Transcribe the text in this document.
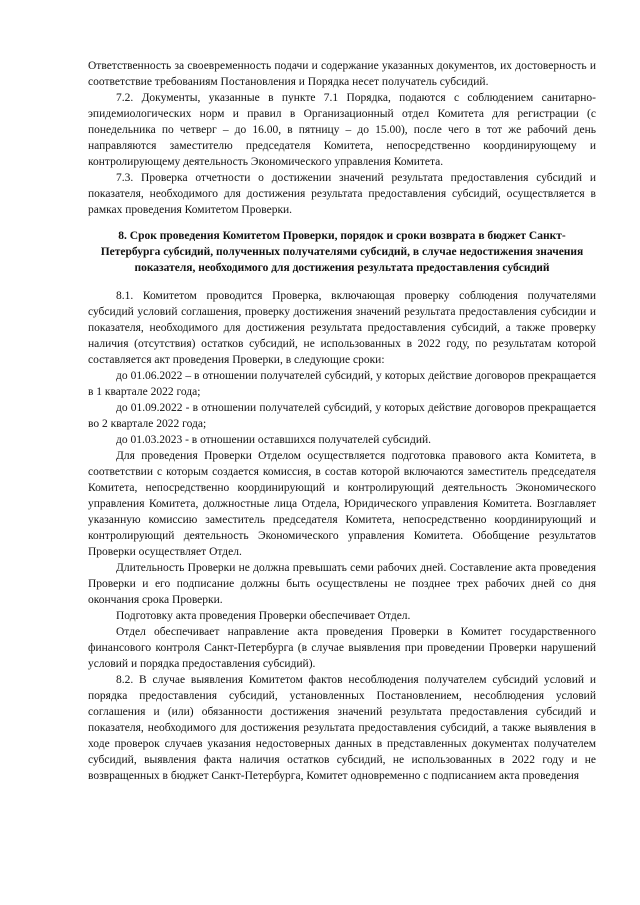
Ответственность за своевременность подачи и содержание указанных документов, их достоверность и соответствие требованиям Постановления и Порядка несет получатель субсидий.

7.2. Документы, указанные в пункте 7.1 Порядка, подаются с соблюдением санитарно-эпидемиологических норм и правил в Организационный отдел Комитета для регистрации (с понедельника по четверг – до 16.00, в пятницу – до 15.00), после чего в тот же рабочий день направляются заместителю председателя Комитета, непосредственно координирующему и контролирующему деятельность Экономического управления Комитета.

7.3. Проверка отчетности о достижении значений результата предоставления субсидий и показателя, необходимого для достижения результата предоставления субсидий, осуществляется в рамках проведения Комитетом Проверки.

8. Срок проведения Комитетом Проверки, порядок и сроки возврата в бюджет Санкт-Петербурга субсидий, полученных получателями субсидий, в случае недостижения значения показателя, необходимого для достижения результата предоставления субсидий

8.1. Комитетом проводится Проверка, включающая проверку соблюдения получателями субсидий условий соглашения, проверку достижения значений результата предоставления субсидии и показателя, необходимого для достижения результата предоставления субсидий, а также проверку наличия (отсутствия) остатков субсидий, не использованных в 2022 году, по результатам которой составляется акт проведения Проверки, в следующие сроки:

до 01.06.2022 – в отношении получателей субсидий, у которых действие договоров прекращается в 1 квартале 2022 года;

до 01.09.2022 - в отношении получателей субсидий, у которых действие договоров прекращается во 2 квартале 2022 года;

до 01.03.2023 - в отношении оставшихся получателей субсидий.

Для проведения Проверки Отделом осуществляется подготовка правового акта Комитета, в соответствии с которым создается комиссия, в состав которой включаются заместитель председателя Комитета, непосредственно координирующий и контролирующий деятельность Экономического управления Комитета, должностные лица Отдела, Юридического управления Комитета. Возглавляет указанную комиссию заместитель председателя Комитета, непосредственно координирующий и контролирующий деятельность Экономического управления Комитета. Обобщение результатов Проверки осуществляет Отдел.

Длительность Проверки не должна превышать семи рабочих дней. Составление акта проведения Проверки и его подписание должны быть осуществлены не позднее трех рабочих дней со дня окончания срока Проверки.

Подготовку акта проведения Проверки обеспечивает Отдел.

Отдел обеспечивает направление акта проведения Проверки в Комитет государственного финансового контроля Санкт-Петербурга (в случае выявления при проведении Проверки нарушений условий и порядка предоставления субсидий).

8.2. В случае выявления Комитетом фактов несоблюдения получателем субсидий условий и порядка предоставления субсидий, установленных Постановлением, несоблюдения условий соглашения и (или) обязанности достижения значений результата предоставления субсидий и показателя, необходимого для достижения результата предоставления субсидий, а также выявления в ходе проверок случаев указания недостоверных данных в представленных документах получателем субсидий, выявления факта наличия остатков субсидий, не использованных в 2022 году и не возвращенных в бюджет Санкт-Петербурга, Комитет одновременно с подписанием акта проведения
